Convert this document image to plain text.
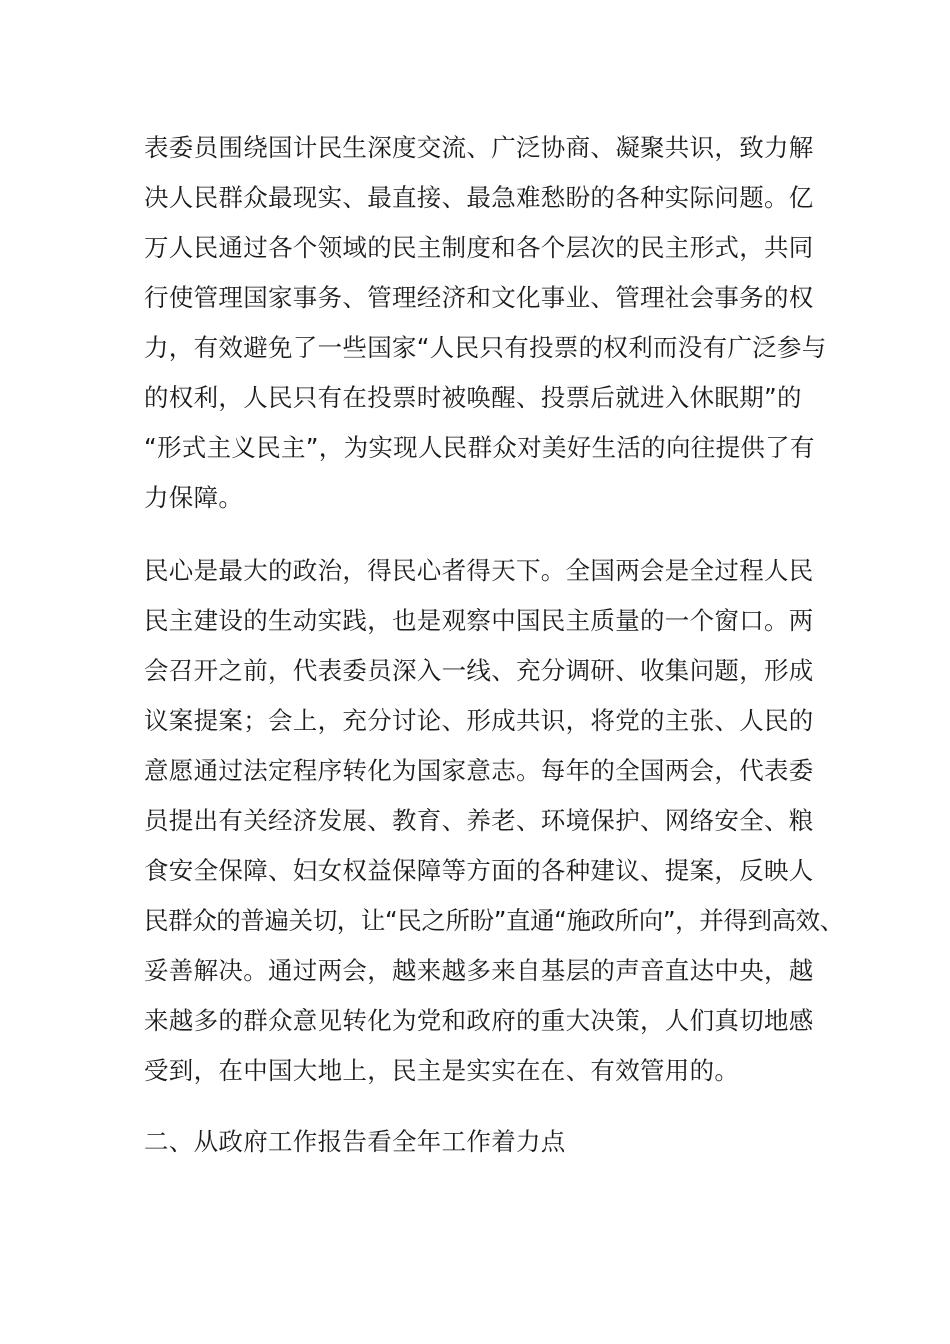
表委员围绕国计民生深度交流、广泛协商、凝聚共识，致力解

决人民群众最现实、最直接、最急难愁盼的各种实际问题。亿

万人民通过各个领域的民主制度和各个层次的民主形式，共同

行使管理国家事务、管理经济和文化事业、管理社会事务的权

力，有效避免了一些国家“人民只有投票的权利而没有广泛参与

的权利，人民只有在投票时被唤醒、投票后就进入休眠期”的

“形式主义民主”，为实现人民群众对美好生活的向往提供了有

力保障。

民心是最大的政治，得民心者得天下。全国两会是全过程人民

民主建设的生动实践，也是观察中国民主质量的一个窗口。两

会召开之前，代表委员深入一线、充分调研、收集问题，形成

议案提案；会上，充分讨论、形成共识，将党的主张、人民的

意愿通过法定程序转化为国家意志。每年的全国两会，代表委

员提出有关经济发展、教育、养老、环境保护、网络安全、粮

食安全保障、妇女权益保障等方面的各种建议、提案，反映人

民群众的普遍关切，让“民之所盼”直通“施政所向”，并得到高效、

妥善解决。通过两会，越来越多来自基层的声音直达中央，越

来越多的群众意见转化为党和政府的重大决策，人们真切地感

受到，在中国大地上，民主是实实在在、有效管用的。

二、从政府工作报告看全年工作着力点
